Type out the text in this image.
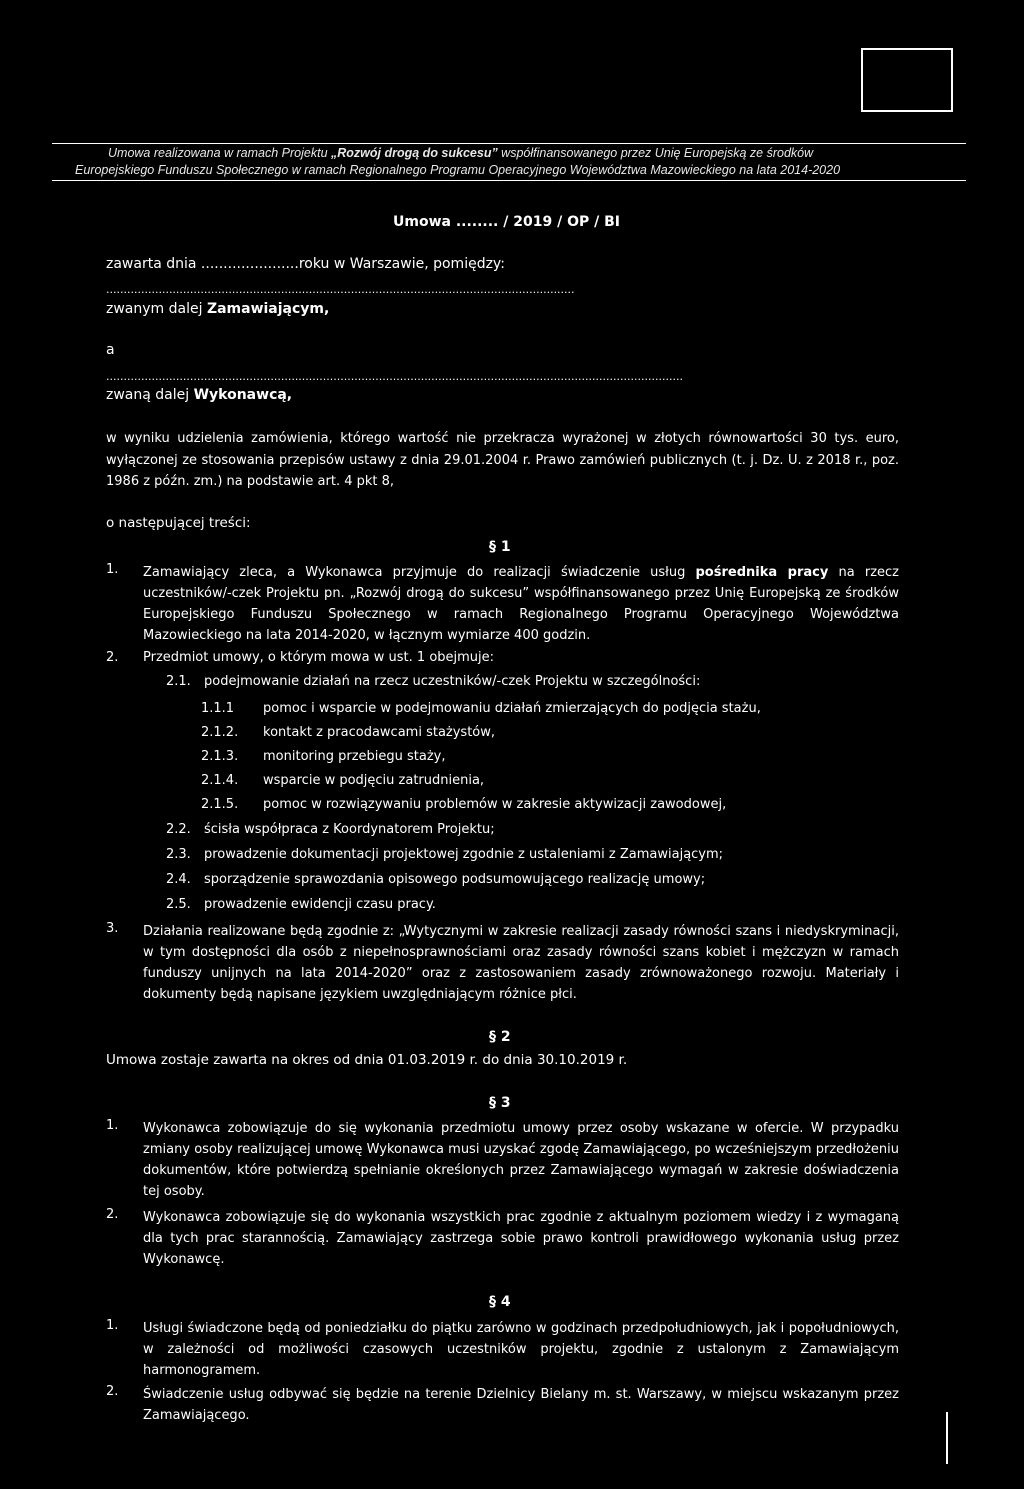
Umowa realizowana w ramach Projektu „Rozwój drogą do sukcesu” współfinansowanego przez Unię Europejską ze środków
Europejskiego Funduszu Społecznego w ramach Regionalnego Programu Operacyjnego Województwa Mazowieckiego na lata 2014-2020
Umowa ........ / 2019 / OP / BI
zawarta dnia ......................roku w Warszawie, pomiędzy:
......................................................................................................................................
zwanym dalej Zamawiającym,
a
.....................................................................................................................................................................
zwaną dalej Wykonawcą,
w wyniku udzielenia zamówienia, którego wartość nie przekracza wyrażonej w złotych równowartości 30 tys. euro, wyłączonej ze stosowania przepisów ustawy z dnia 29.01.2004 r. Prawo zamówień publicznych (t. j. Dz. U. z 2018 r., poz. 1986 z późn. zm.) na podstawie art. 4 pkt 8,
o następującej treści:
§ 1
1. Zamawiający zleca, a Wykonawca przyjmuje do realizacji świadczenie usług pośrednika pracy na rzecz uczestników/-czek Projektu pn. „Rozwój drogą do sukcesu” współfinansowanego przez Unię Europejską ze środków Europejskiego Funduszu Społecznego w ramach Regionalnego Programu Operacyjnego Województwa Mazowieckiego na lata 2014-2020, w łącznym wymiarze 400 godzin.
2. Przedmiot umowy, o którym mowa w ust. 1 obejmuje:
2.1. podejmowanie działań na rzecz uczestników/-czek Projektu w szczególności:
1.1.1 pomoc i wsparcie w podejmowaniu działań zmierzających do podjęcia stażu,
2.1.2. kontakt z pracodawcami stażystów,
2.1.3. monitoring przebiegu staży,
2.1.4. wsparcie w podjęciu zatrudnienia,
2.1.5. pomoc w rozwiązywaniu problemów w zakresie aktywizacji zawodowej,
2.2. ścisła współpraca z Koordynatorem Projektu;
2.3. prowadzenie dokumentacji projektowej zgodnie z ustaleniami z Zamawiającym;
2.4. sporządzenie sprawozdania opisowego podsumowującego realizację umowy;
2.5. prowadzenie ewidencji czasu pracy.
3. Działania realizowane będą zgodnie z: „Wytycznymi w zakresie realizacji zasady równości szans i niedyskryminacji, w tym dostępności dla osób z niepełnosprawnościami oraz zasady równości szans kobiet i mężczyzn w ramach funduszy unijnych na lata 2014-2020” oraz z zastosowaniem zasady zrównoważonego rozwoju. Materiały i dokumenty będą napisane językiem uwzględniającym różnice płci.
§ 2
Umowa zostaje zawarta na okres od dnia 01.03.2019 r. do dnia 30.10.2019 r.
§ 3
1. Wykonawca zobowiązuje do się wykonania przedmiotu umowy przez osoby wskazane w ofercie. W przypadku zmiany osoby realizującej umowę Wykonawca musi uzyskać zgodę Zamawiającego, po wcześniejszym przedłożeniu dokumentów, które potwierdzą spełnianie określonych przez Zamawiającego wymagań w zakresie doświadczenia tej osoby.
2. Wykonawca zobowiązuje się do wykonania wszystkich prac zgodnie z aktualnym poziomem wiedzy i z wymaganą dla tych prac starannością. Zamawiający zastrzega sobie prawo kontroli prawidłowego wykonania usług przez Wykonawcę.
§ 4
1. Usługi świadczone będą od poniedziałku do piątku zarówno w godzinach przedpołudniowych, jak i popołudniowych, w zależności od możliwości czasowych uczestników projektu, zgodnie z ustalonym z Zamawiającym harmonogramem.
2. Świadczenie usług odbywać się będzie na terenie Dzielnicy Bielany m. st. Warszawy, w miejscu wskazanym przez Zamawiającego.
